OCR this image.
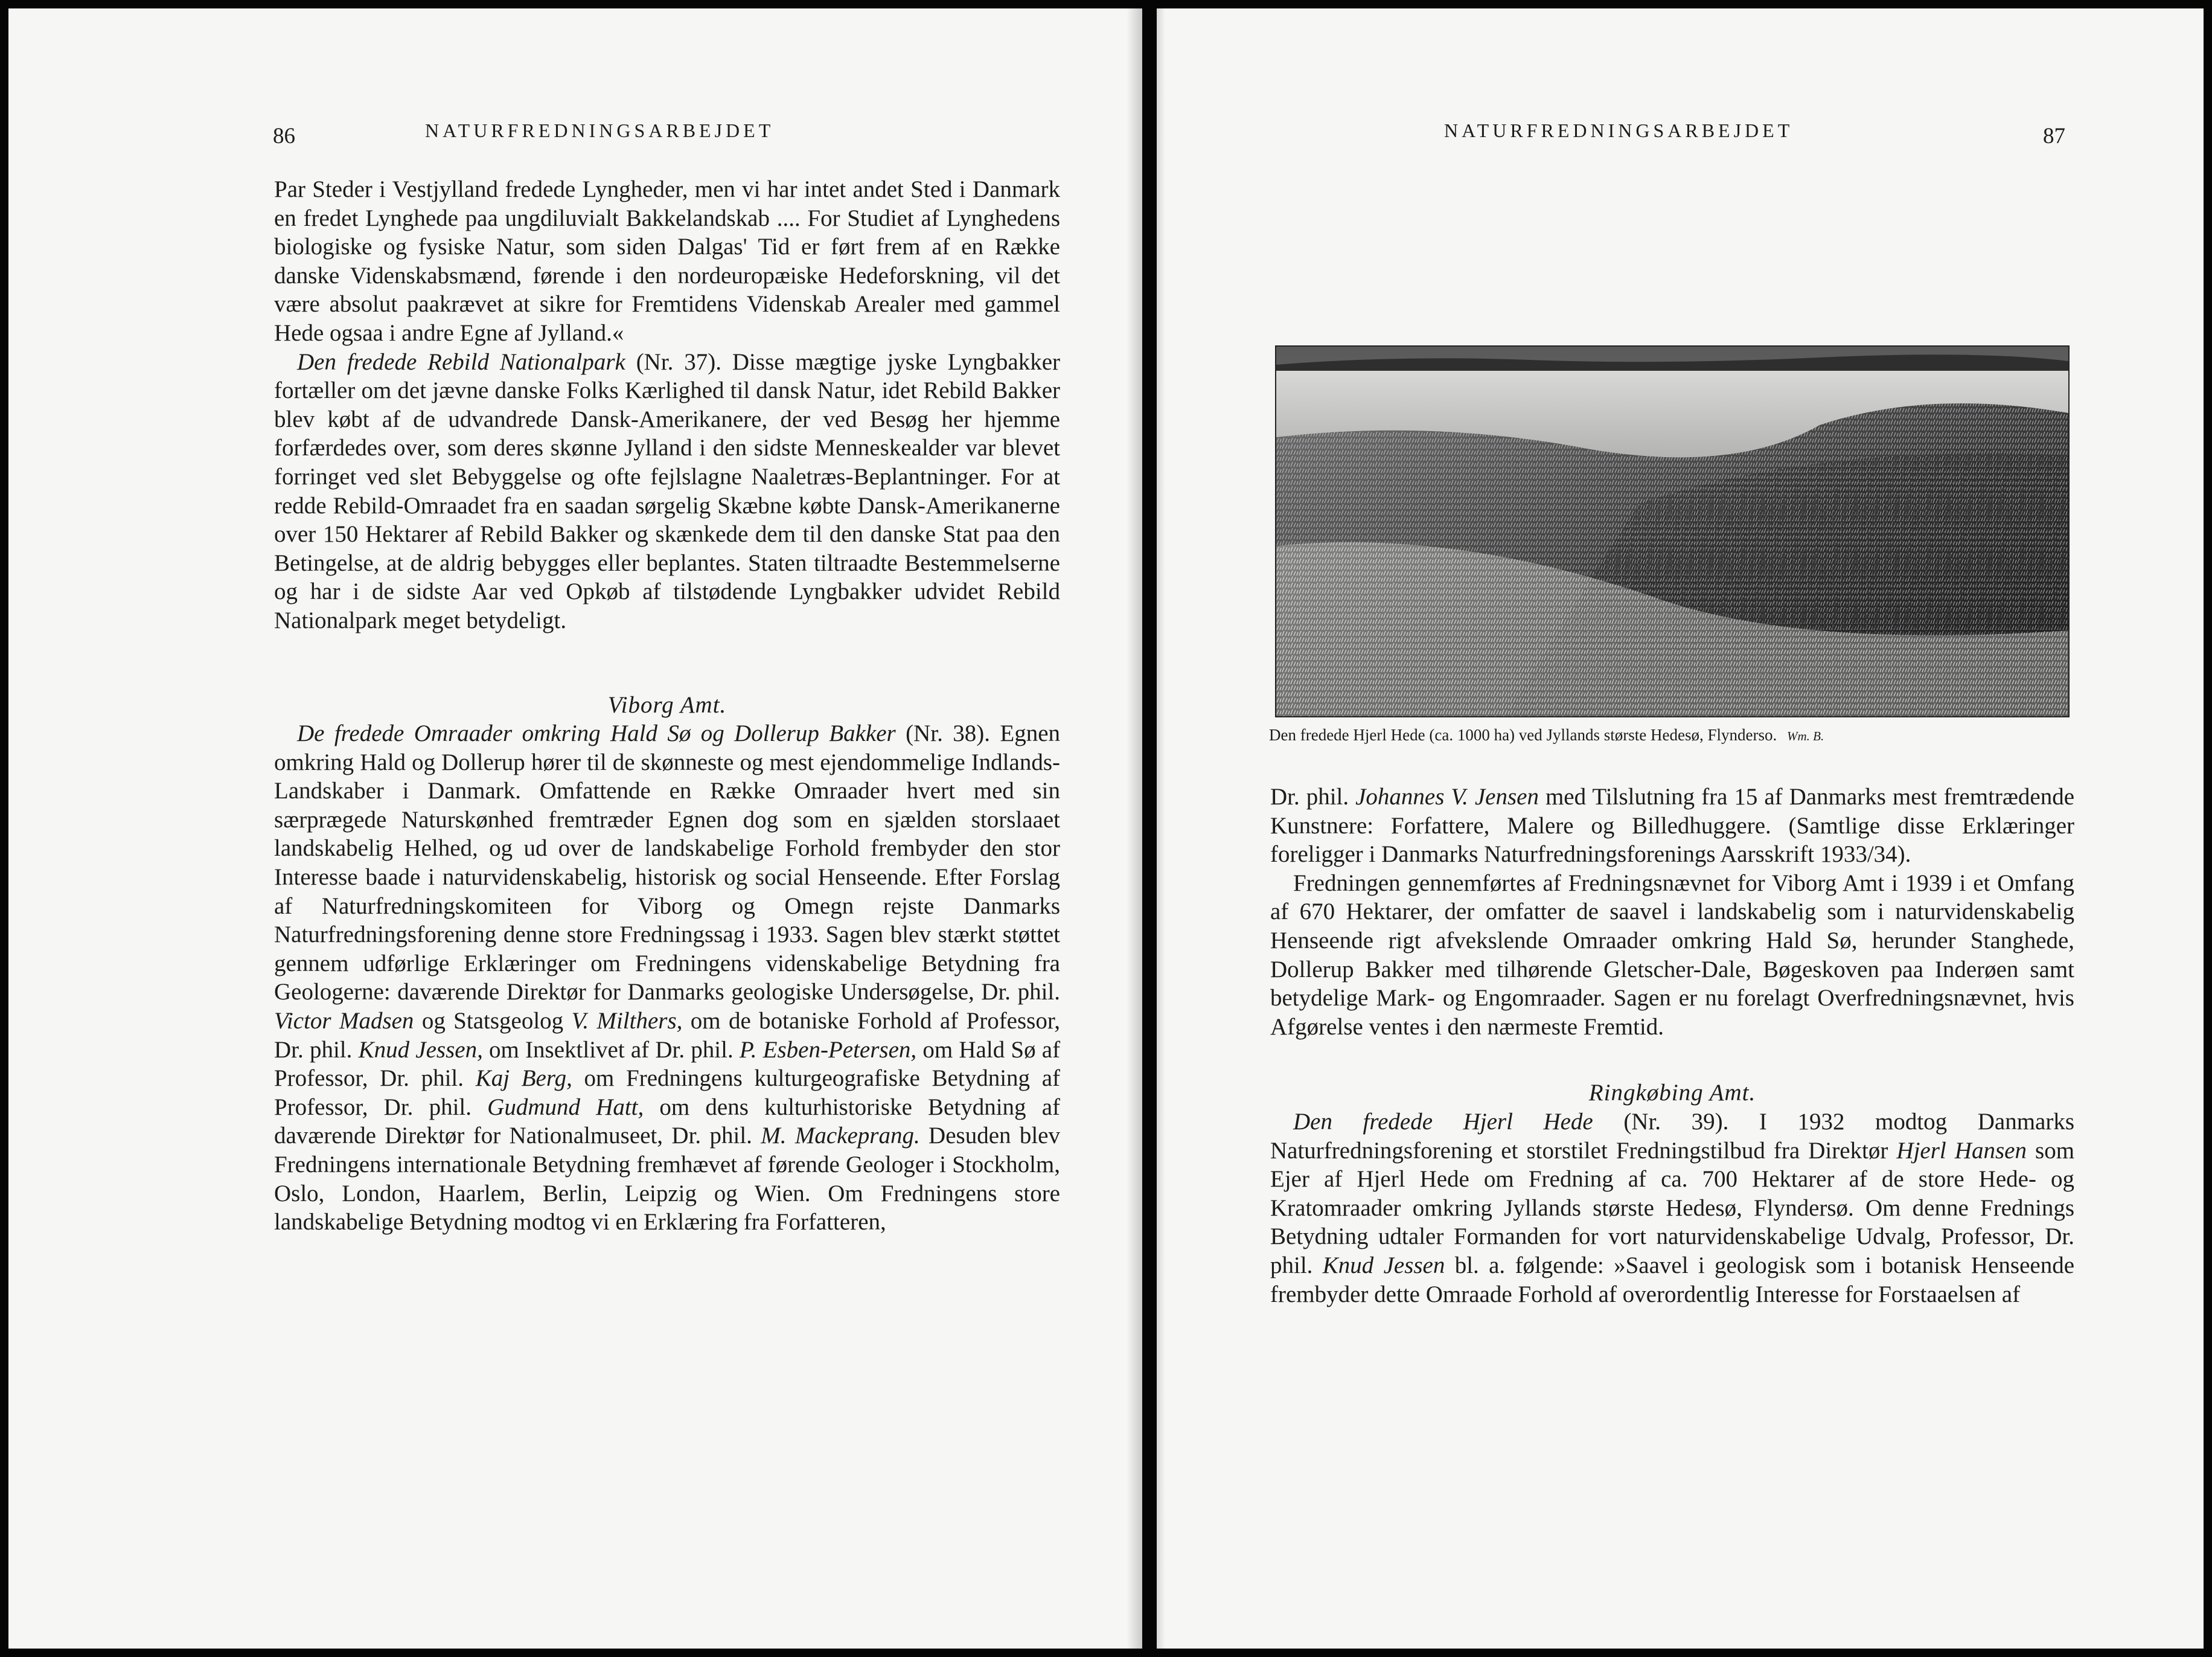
86	NATURFREDNINGSARBEJDET

Par Steder i Vestjylland fredede Lyngheder, men vi har intet andet Sted i Danmark en fredet Lynghede paa ungdiluvialt Bakkelandskab .... For Studiet af Lynghedens biologiske og fysiske Natur, som siden Dalgas' Tid er ført frem af en Række danske Videnskabsmænd, førende i den nordeuropæiske Hedeforskning, vil det være absolut paakrævet at sikre for Fremtidens Videnskab Arealer med gammel Hede ogsaa i andre Egne af Jylland.«

Den fredede Rebild Nationalpark (Nr. 37). Disse mægtige jyske Lyngbakker fortæller om det jævne danske Folks Kærlighed til dansk Natur, idet Rebild Bakker blev købt af de udvandrede Dansk-Amerikanere, der ved Besøg her hjemme forfærdedes over, som deres skønne Jylland i den sidste Menneskealder var blevet forringet ved slet Bebyggelse og ofte fejlslagne Naaletræs-Beplantninger. For at redde Rebild-Omraadet fra en saadan sørgelig Skæbne købte Dansk-Amerikanerne over 150 Hektarer af Rebild Bakker og skænkede dem til den danske Stat paa den Betingelse, at de aldrig bebygges eller beplantes. Staten tiltraadte Bestemmelserne og har i de sidste Aar ved Opkøb af tilstødende Lyngbakker udvidet Rebild Nationalpark meget betydeligt.

Viborg Amt.

De fredede Omraader omkring Hald Sø og Dollerup Bakker (Nr. 38). Egnen omkring Hald og Dollerup hører til de skønneste og mest ejendommelige Indlands-Landskaber i Danmark. Omfattende en Række Omraader hvert med sin særprægede Naturskønhed fremtræder Egnen dog som en sjælden storslaaet landskabelig Helhed, og ud over de landskabelige Forhold frembyder den stor Interesse baade i naturvidenskabelig, historisk og social Henseende. Efter Forslag af Naturfredningskomiteen for Viborg og Omegn rejste Danmarks Naturfredningsforening denne store Fredningssag i 1933. Sagen blev stærkt støttet gennem udførlige Erklæringer om Fredningens videnskabelige Betydning fra Geologerne: daværende Direktør for Danmarks geologiske Undersøgelse, Dr. phil. Victor Madsen og Statsgeolog V. Milthers, om de botaniske Forhold af Professor, Dr. phil. Knud Jessen, om Insektlivet af Dr. phil. P. Esben-Petersen, om Hald Sø af Professor, Dr. phil. Kaj Berg, om Fredningens kulturgeografiske Betydning af Professor, Dr. phil. Gudmund Hatt, om dens kulturhistoriske Betydning af daværende Direktør for Nationalmuseet, Dr. phil. M. Mackeprang. Desuden blev Fredningens internationale Betydning fremhævet af førende Geologer i Stockholm, Oslo, London, Haarlem, Berlin, Leipzig og Wien. Om Fredningens store landskabelige Betydning modtog vi en Erklæring fra Forfatteren,

NATURFREDNINGSARBEJDET	87
Den fredede Hjerl Hede (ca. 1000 ha) ved Jyllands største Hedesø, Flynderso. Wm. B.

Dr. phil. Johannes V. Jensen med Tilslutning fra 15 af Danmarks mest fremtrædende Kunstnere: Forfattere, Malere og Billedhuggere. (Samtlige disse Erklæringer foreligger i Danmarks Naturfredningsforenings Aarsskrift 1933/34).

Fredningen gennemførtes af Fredningsnævnet for Viborg Amt i 1939 i et Omfang af 670 Hektarer, der omfatter de saavel i landskabelig som i naturvidenskabelig Henseende rigt afvekslende Omraader omkring Hald Sø, herunder Stanghede, Dollerup Bakker med tilhørende Gletscher-Dale, Bøgeskoven paa Inderøen samt betydelige Mark- og Engomraader. Sagen er nu forelagt Overfredningsnævnet, hvis Afgørelse ventes i den nærmeste Fremtid.

Ringkøbing Amt.

Den fredede Hjerl Hede (Nr. 39). I 1932 modtog Danmarks Naturfredningsforening et storstilet Fredningstilbud fra Direktør Hjerl Hansen som Ejer af Hjerl Hede om Fredning af ca. 700 Hektarer af de store Hede- og Kratomraader omkring Jyllands største Hedesø, Flyndersø. Om denne Frednings Betydning udtaler Formanden for vort naturvidenskabelige Udvalg, Professor, Dr. phil. Knud Jessen bl. a. følgende: »Saavel i geologisk som i botanisk Henseende frembyder dette Omraade Forhold af overordentlig Interesse for Forstaaelsen af
